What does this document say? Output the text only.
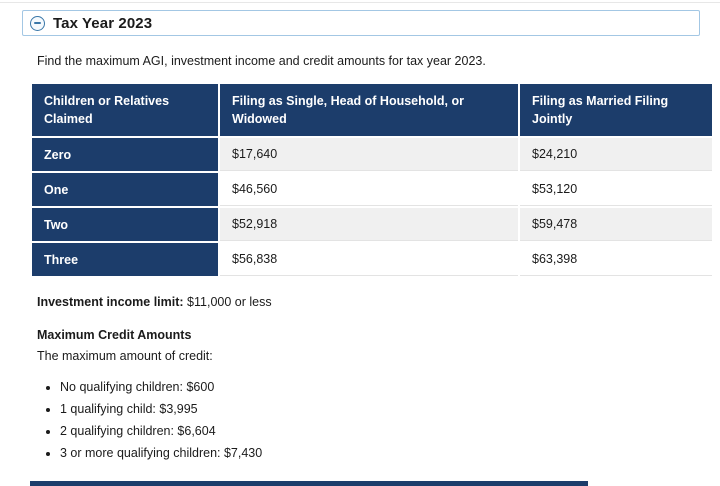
Tax Year 2023
Find the maximum AGI, investment income and credit amounts for tax year 2023.
Children or Relatives Claimed	Filing as Single, Head of Household, or Widowed	Filing as Married Filing Jointly
Zero	$17,640	$24,210
One	$46,560	$53,120
Two	$52,918	$59,478
Three	$56,838	$63,398
Investment income limit: $11,000 or less
Maximum Credit Amounts
The maximum amount of credit:
• No qualifying children: $600
• 1 qualifying child: $3,995
• 2 qualifying children: $6,604
• 3 or more qualifying children: $7,430
